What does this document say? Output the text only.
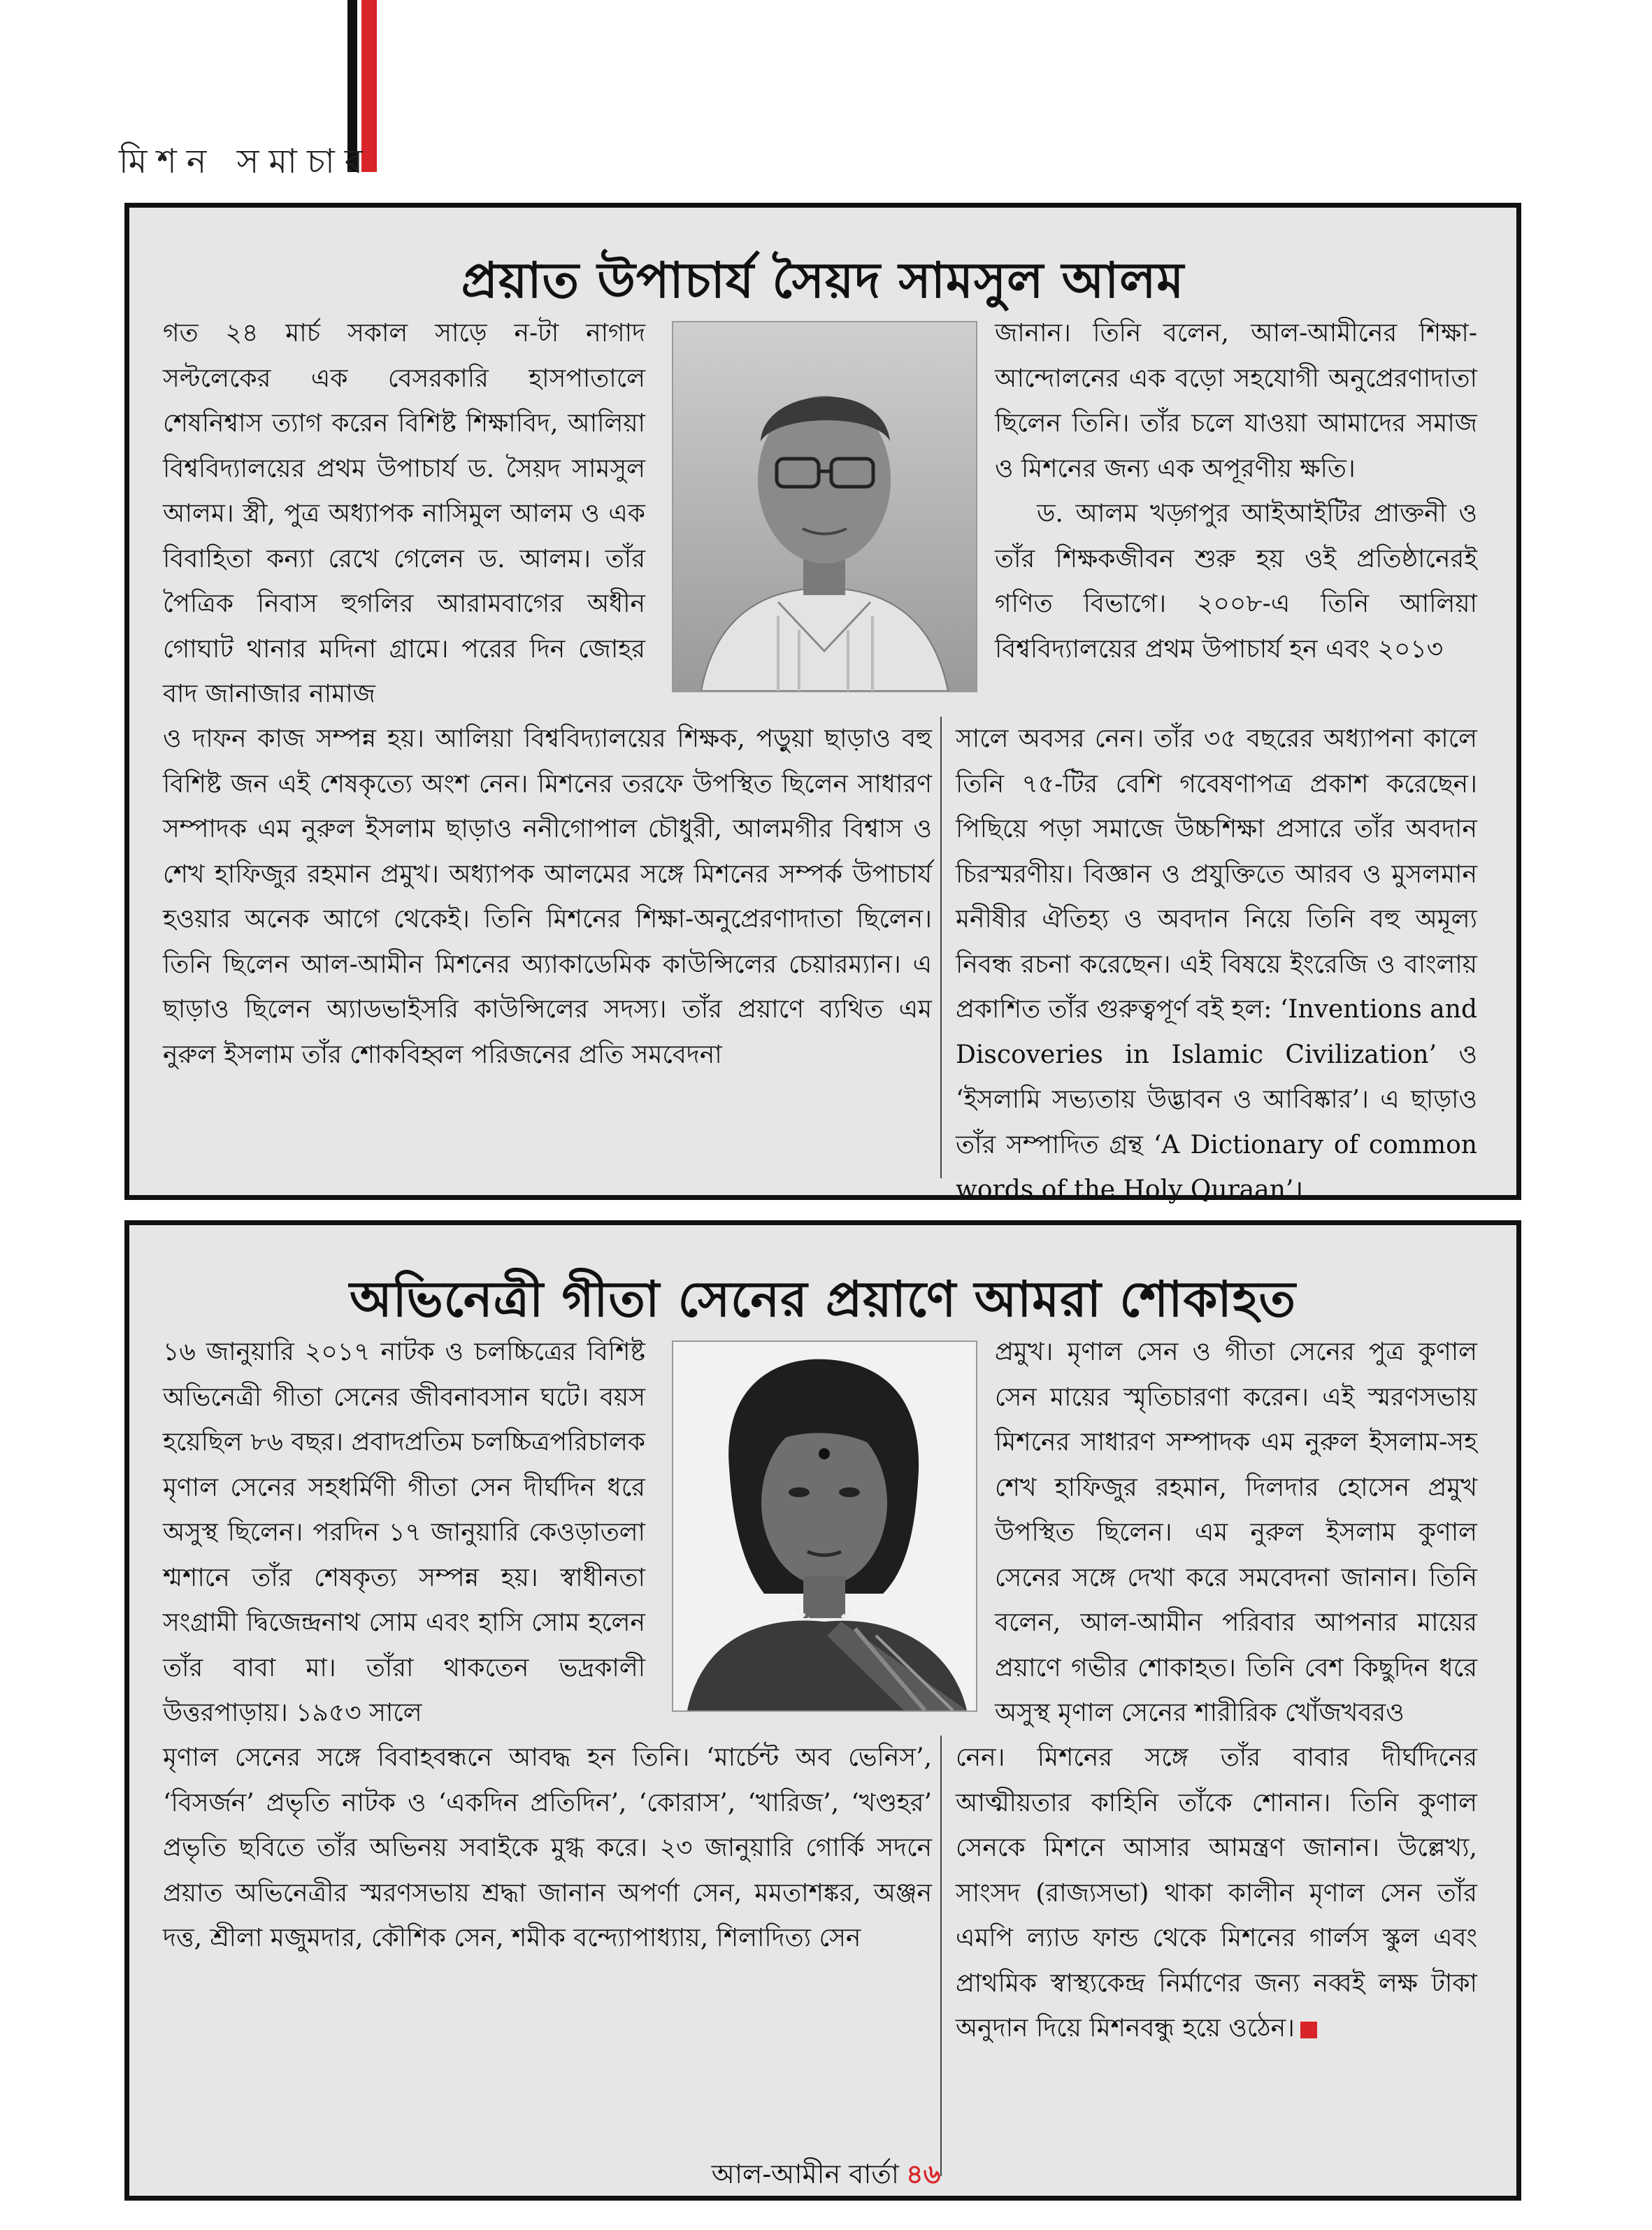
মিশন সমাচার
প্রয়াত উপাচার্য সৈয়দ সামসুল আলম

গত ২৪ মার্চ সকাল সাড়ে ন-টা নাগাদ সল্টলেকের এক বেসরকারি হাসপাতালে শেষনিশ্বাস ত্যাগ করেন বিশিষ্ট শিক্ষাবিদ, আলিয়া বিশ্ববিদ্যালয়ের প্রথম উপাচার্য ড. সৈয়দ সামসুল আলম। স্ত্রী, পুত্র অধ্যাপক নাসিমুল আলম ও এক বিবাহিতা কন্যা রেখে গেলেন ড. আলম। তাঁর পৈত্রিক নিবাস হুগলির আরামবাগের অধীন গোঘাট থানার মদিনা গ্রামে। পরের দিন জোহর বাদ জানাজার নামাজ

ও দাফন কাজ সম্পন্ন হয়। আলিয়া বিশ্ববিদ্যালয়ের শিক্ষক, পড়ুয়া ছাড়াও বহু বিশিষ্ট জন এই শেষকৃত্যে অংশ নেন। মিশনের তরফে উপস্থিত ছিলেন সাধারণ সম্পাদক এম নুরুল ইসলাম ছাড়াও ননীগোপাল চৌধুরী, আলমগীর বিশ্বাস ও শেখ হাফিজুর রহমান প্রমুখ। অধ্যাপক আলমের সঙ্গে মিশনের সম্পর্ক উপাচার্য হওয়ার অনেক আগে থেকেই। তিনি মিশনের শিক্ষা-অনুপ্রেরণাদাতা ছিলেন। তিনি ছিলেন আল-আমীন মিশনের অ্যাকাডেমিক কাউন্সিলের চেয়ারম্যান। এ ছাড়াও ছিলেন অ্যাডভাইসরি কাউন্সিলের সদস্য। তাঁর প্রয়াণে ব্যথিত এম নুরুল ইসলাম তাঁর শোকবিহ্বল পরিজনের প্রতি সমবেদনা

জানান। তিনি বলেন, আল-আমীনের শিক্ষা-আন্দোলনের এক বড়ো সহযোগী অনুপ্রেরণাদাতা ছিলেন তিনি। তাঁর চলে যাওয়া আমাদের সমাজ ও মিশনের জন্য এক অপূরণীয় ক্ষতি।

ড. আলম খড়্গপুর আইআইটির প্রাক্তনী ও তাঁর শিক্ষকজীবন শুরু হয় ওই প্রতিষ্ঠানেরই গণিত বিভাগে। ২০০৮-এ তিনি আলিয়া বিশ্ববিদ্যালয়ের প্রথম উপাচার্য হন এবং ২০১৩

সালে অবসর নেন। তাঁর ৩৫ বছরের অধ্যাপনা কালে তিনি ৭৫-টির বেশি গবেষণাপত্র প্রকাশ করেছেন। পিছিয়ে পড়া সমাজে উচ্চশিক্ষা প্রসারে তাঁর অবদান চিরস্মরণীয়। বিজ্ঞান ও প্রযুক্তিতে আরব ও মুসলমান মনীষীর ঐতিহ্য ও অবদান নিয়ে তিনি বহু অমূল্য নিবন্ধ রচনা করেছেন। এই বিষয়ে ইংরেজি ও বাংলায় প্রকাশিত তাঁর গুরুত্বপূর্ণ বই হল: ‘Inventions and Discoveries in Islamic Civilization’ ও ‘ইসলামি সভ্যতায় উদ্ভাবন ও আবিষ্কার’। এ ছাড়াও তাঁর সম্পাদিত গ্রন্থ ‘A Dictionary of common words of the Holy Quraan’।

অভিনেত্রী গীতা সেনের প্রয়াণে আমরা শোকাহত

১৬ জানুয়ারি ২০১৭ নাটক ও চলচ্চিত্রের বিশিষ্ট অভিনেত্রী গীতা সেনের জীবনাবসান ঘটে। বয়স হয়েছিল ৮৬ বছর। প্রবাদপ্রতিম চলচ্চিত্রপরিচালক মৃণাল সেনের সহধর্মিণী গীতা সেন দীর্ঘদিন ধরে অসুস্থ ছিলেন। পরদিন ১৭ জানুয়ারি কেওড়াতলা শ্মশানে তাঁর শেষকৃত্য সম্পন্ন হয়। স্বাধীনতা সংগ্রামী দ্বিজেন্দ্রনাথ সোম এবং হাসি সোম হলেন তাঁর বাবা মা। তাঁরা থাকতেন ভদ্রকালী উত্তরপাড়ায়। ১৯৫৩ সালে

মৃণাল সেনের সঙ্গে বিবাহবন্ধনে আবদ্ধ হন তিনি। ‘মার্চেন্ট অব ভেনিস’, ‘বিসর্জন’ প্রভৃতি নাটক ও ‘একদিন প্রতিদিন’, ‘কোরাস’, ‘খারিজ’, ‘খণ্ডহর’ প্রভৃতি ছবিতে তাঁর অভিনয় সবাইকে মুগ্ধ করে। ২৩ জানুয়ারি গোর্কি সদনে প্রয়াত অভিনেত্রীর স্মরণসভায় শ্রদ্ধা জানান অপর্ণা সেন, মমতাশঙ্কর, অঞ্জন দত্ত, শ্রীলা মজুমদার, কৌশিক সেন, শমীক বন্দ্যোপাধ্যায়, শিলাদিত্য সেন

প্রমুখ। মৃণাল সেন ও গীতা সেনের পুত্র কুণাল সেন মায়ের স্মৃতিচারণা করেন। এই স্মরণসভায় মিশনের সাধারণ সম্পাদক এম নুরুল ইসলাম-সহ শেখ হাফিজুর রহমান, দিলদার হোসেন প্রমুখ উপস্থিত ছিলেন। এম নুরুল ইসলাম কুণাল সেনের সঙ্গে দেখা করে সমবেদনা জানান। তিনি বলেন, আল-আমীন পরিবার আপনার মায়ের প্রয়াণে গভীর শোকাহত। তিনি বেশ কিছুদিন ধরে অসুস্থ মৃণাল সেনের শারীরিক খোঁজখবরও

নেন। মিশনের সঙ্গে তাঁর বাবার দীর্ঘদিনের আত্মীয়তার কাহিনি তাঁকে শোনান। তিনি কুণাল সেনকে মিশনে আসার আমন্ত্রণ জানান। উল্লেখ্য, সাংসদ (রাজ্যসভা) থাকা কালীন মৃণাল সেন তাঁর এমপি ল্যাড ফান্ড থেকে মিশনের গার্লস স্কুল এবং প্রাথমিক স্বাস্থ্যকেন্দ্র নির্মাণের জন্য নব্বই লক্ষ টাকা অনুদান দিয়ে মিশনবন্ধু হয়ে ওঠেন।

আল-আমীন বার্তা ৪৬
